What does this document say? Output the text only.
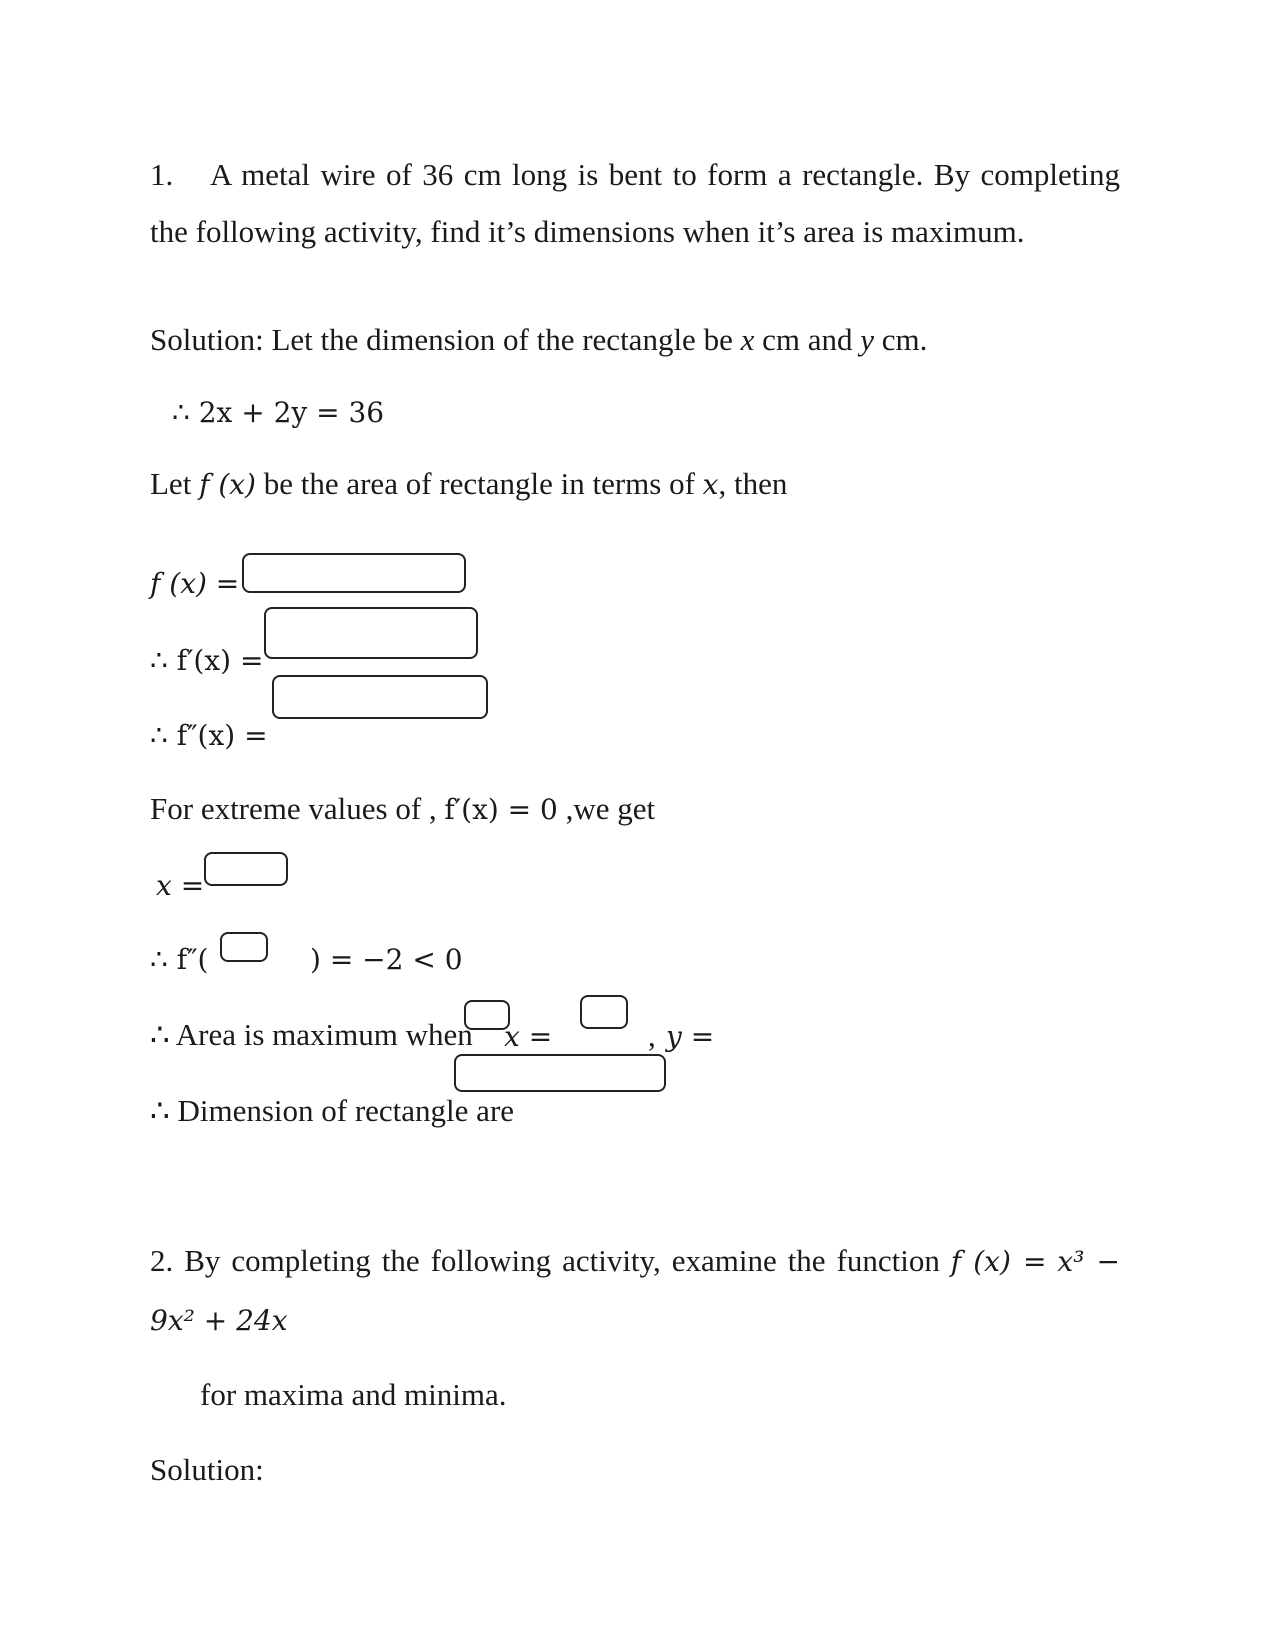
1. A metal wire of 36 cm long is bent to form a rectangle. By completing the following activity, find it’s dimensions when it’s area is maximum.
Solution: Let the dimension of the rectangle be x cm and y cm.
∴ 2x + 2y = 36
Let f (x) be the area of rectangle in terms of x, then
f (x) =
∴ f′(x) =
∴ f″(x) =
For extreme values of , f′(x) = 0 ,we get
x =
∴ f″(	) = −2 < 0
∴ Area is maximum when x =	, y =
∴ Dimension of rectangle are
2. By completing the following activity, examine the function f (x) = x³ − 9x² + 24x
for maxima and minima.
Solution:
